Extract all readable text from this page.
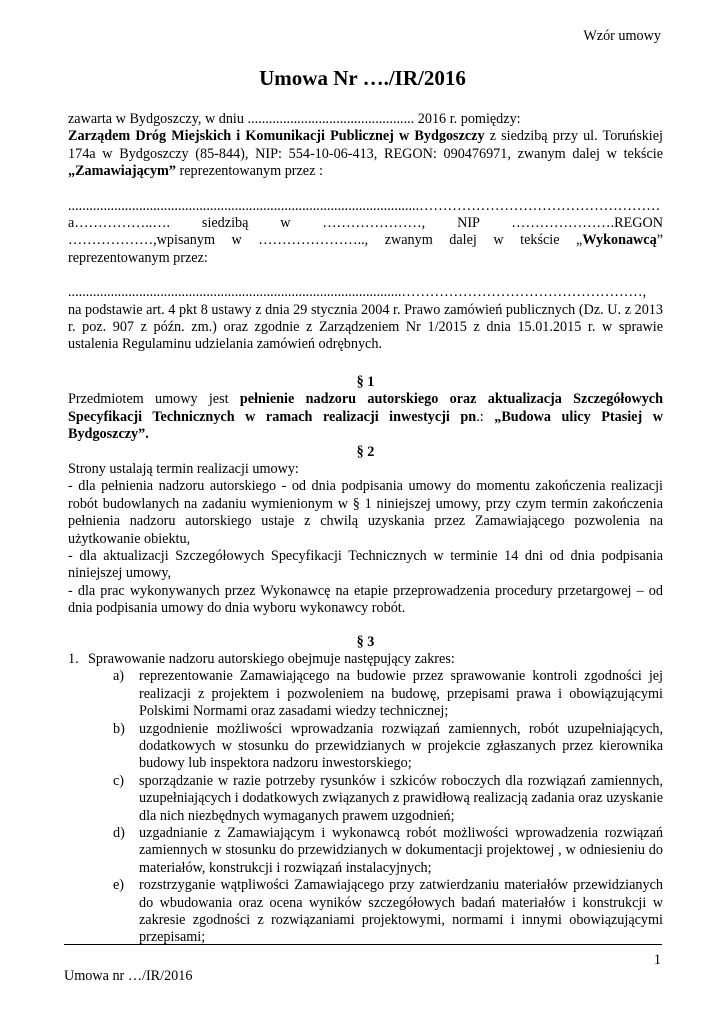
Wzór umowy
Umowa Nr …./IR/2016

zawarta w Bydgoszczy, w dniu ............................................... 2016 r. pomiędzy:

Zarządem Dróg Miejskich i Komunikacji Publicznej w Bydgoszczy z siedzibą przy ul. Toruńskiej 174a w Bydgoszczy (85-844), NIP: 554-10-06-413, REGON: 090476971, zwanym dalej w tekście „Zamawiającym” reprezentowanym przez :

...................................................................................................……………………………………………

a……………..…. siedzibą w …………………, NIP ………………….REGON ………………,wpisanym w ………………….., zwanym dalej w tekście „Wykonawcą” reprezentowanym przez:

..............................................................................................……………………………………………,

na podstawie art. 4 pkt 8 ustawy z dnia 29 stycznia 2004 r. Prawo zamówień publicznych (Dz. U. z 2013 r. poz. 907 z późn. zm.) oraz zgodnie z Zarządzeniem Nr 1/2015 z dnia 15.01.2015 r. w sprawie ustalenia Regulaminu udzielania zamówień odrębnych.

§ 1

Przedmiotem umowy jest pełnienie nadzoru autorskiego oraz aktualizacja Szczegółowych Specyfikacji Technicznych w ramach realizacji inwestycji pn.: „Budowa ulicy Ptasiej w Bydgoszczy”.

§ 2

Strony ustalają termin realizacji umowy:

- dla pełnienia nadzoru autorskiego - od dnia podpisania umowy do momentu zakończenia realizacji robót budowlanych na zadaniu wymienionym w § 1 niniejszej umowy, przy czym termin zakończenia pełnienia nadzoru autorskiego ustaje z chwilą uzyskania przez Zamawiającego pozwolenia na użytkowanie obiektu,

- dla aktualizacji Szczegółowych Specyfikacji Technicznych w terminie 14 dni od dnia podpisania niniejszej umowy,

- dla prac wykonywanych przez Wykonawcę na etapie przeprowadzenia procedury przetargowej – od dnia podpisania umowy do dnia wyboru wykonawcy robót.

§ 3

1. Sprawowanie nadzoru autorskiego obejmuje następujący zakres:
a)	reprezentowanie Zamawiającego na budowie przez sprawowanie kontroli zgodności jej realizacji z projektem i pozwoleniem na budowę, przepisami prawa i obowiązującymi Polskimi Normami oraz zasadami wiedzy technicznej;
b) uzgodnienie możliwości wprowadzania rozwiązań zamiennych, robót uzupełniających, dodatkowych w stosunku do przewidzianych w projekcie zgłaszanych przez kierownika budowy lub inspektora nadzoru inwestorskiego;
c)	sporządzanie w razie potrzeby rysunków i szkiców roboczych dla rozwiązań zamiennych, uzupełniających i dodatkowych związanych z prawidłową realizacją zadania oraz uzyskanie dla nich niezbędnych wymaganych prawem uzgodnień;
d) uzgadnianie z Zamawiającym i wykonawcą robót możliwości wprowadzenia rozwiązań zamiennych w stosunku do przewidzianych w dokumentacji projektowej , w odniesieniu do materiałów, konstrukcji i rozwiązań instalacyjnych;
e)	rozstrzyganie wątpliwości Zamawiającego przy zatwierdzaniu materiałów przewidzianych do wbudowania oraz ocena wyników szczegółowych badań materiałów i konstrukcji w zakresie zgodności z rozwiązaniami projektowymi, normami i innymi obowiązującymi przepisami;
1
Umowa nr …/IR/2016
